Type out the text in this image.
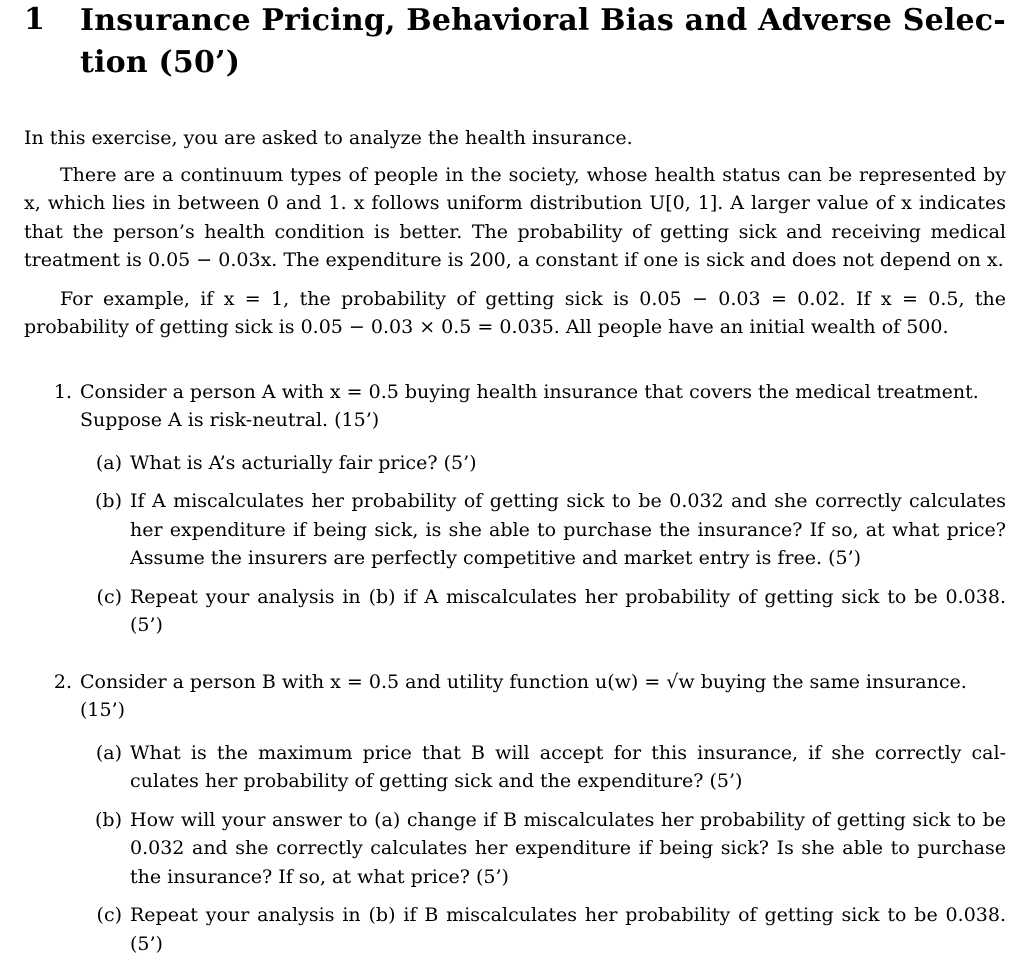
1	Insurance Pricing, Behavioral Bias and Adverse Selec-tion (50’)

In this exercise, you are asked to analyze the health insurance.

There are a continuum types of people in the society, whose health status can be represented by x, which lies in between 0 and 1. x follows uniform distribution U[0, 1]. A larger value of x indicates that the person’s health condition is better. The probability of getting sick and receiving medical treatment is 0.05 − 0.03x. The expenditure is 200, a constant if one is sick and does not depend on x.

For example, if x = 1, the probability of getting sick is 0.05 − 0.03 = 0.02. If x = 0.5, the probability of getting sick is 0.05 − 0.03 × 0.5 = 0.035. All people have an initial wealth of 500.

1. Consider a person A with x = 0.5 buying health insurance that covers the medical treatment. Suppose A is risk-neutral. (15’)
(a) What is A’s acturially fair price? (5’)
(b) If A miscalculates her probability of getting sick to be 0.032 and she correctly calculates her expenditure if being sick, is she able to purchase the insurance? If so, at what price? Assume the insurers are perfectly competitive and market entry is free. (5’)
(c) Repeat your analysis in (b) if A miscalculates her probability of getting sick to be 0.038. (5’)
2. Consider a person B with x = 0.5 and utility function u(w) = √w buying the same insurance. (15’)
(a) What is the maximum price that B will accept for this insurance, if she correctly cal-culates her probability of getting sick and the expenditure? (5’)
(b) How will your answer to (a) change if B miscalculates her probability of getting sick to be 0.032 and she correctly calculates her expenditure if being sick? Is she able to purchase the insurance? If so, at what price? (5’)
(c) Repeat your analysis in (b) if B miscalculates her probability of getting sick to be 0.038. (5’)
